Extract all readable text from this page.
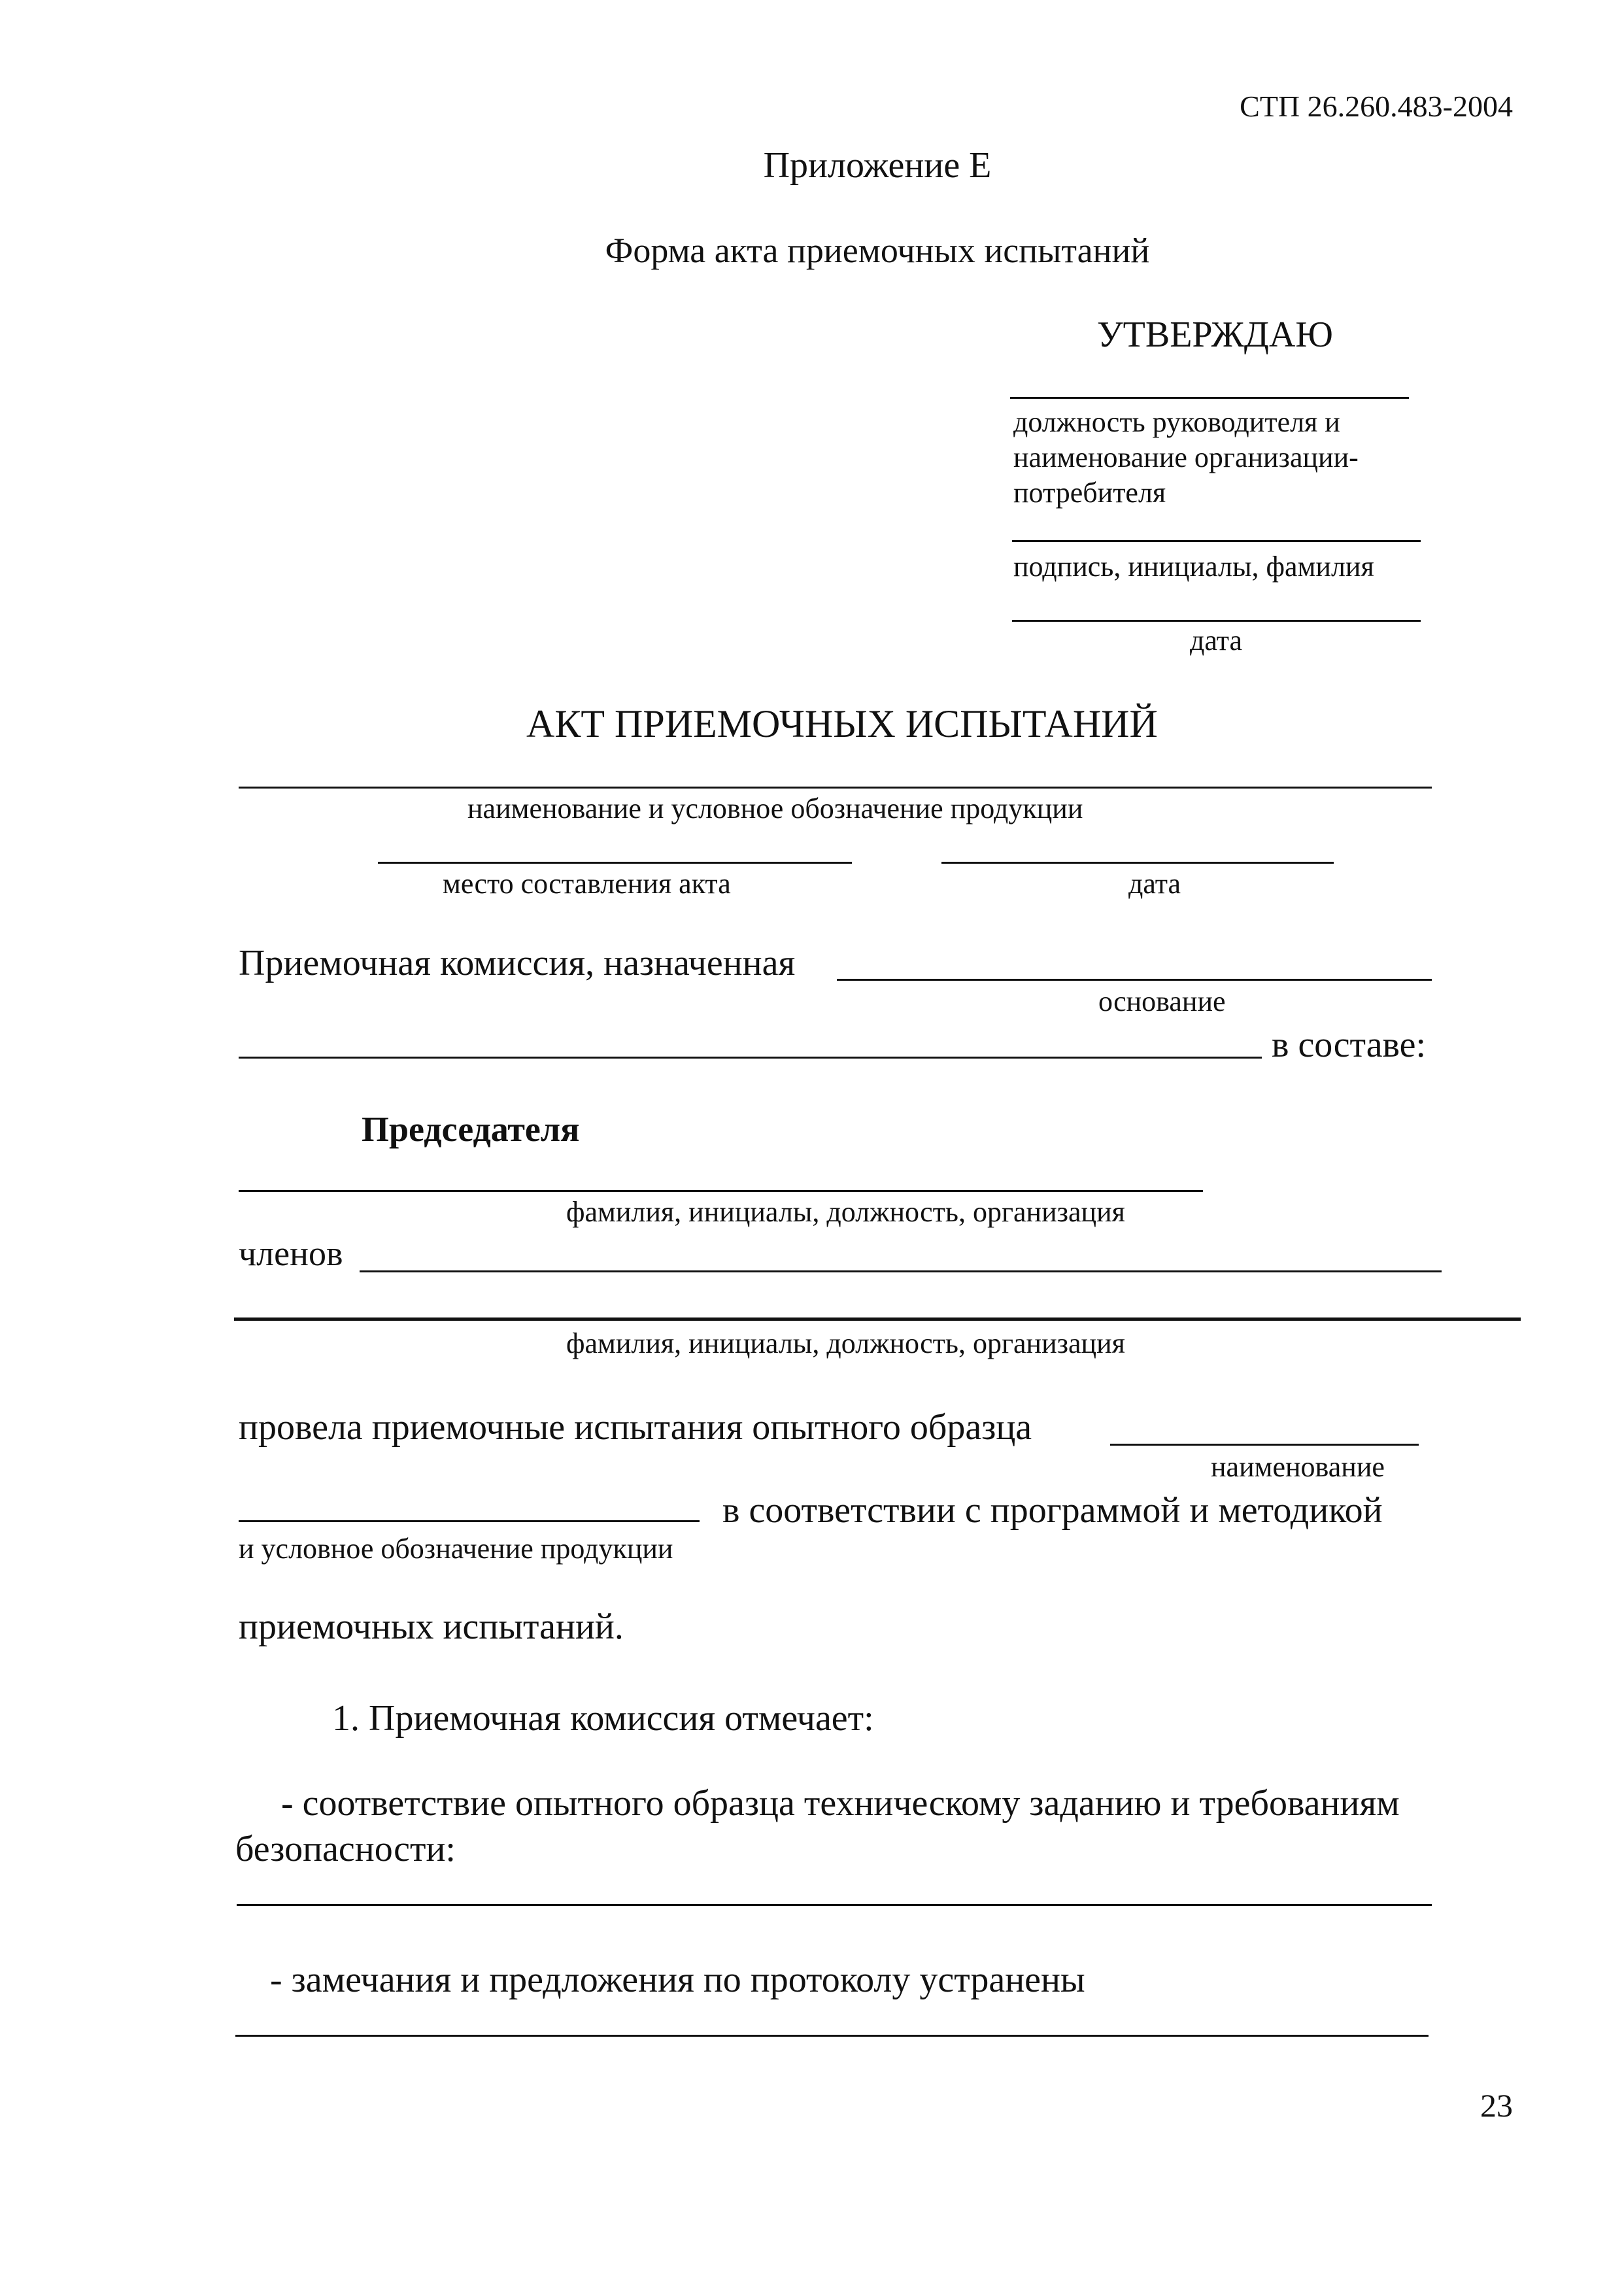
СТП 26.260.483-2004
Приложение Е
Форма акта приемочных испытаний
УТВЕРЖДАЮ
должность руководителя и
наименование организации-
потребителя
подпись, инициалы, фамилия
дата
АКТ ПРИЕМОЧНЫХ ИСПЫТАНИЙ
наименование и условное обозначение продукции
место составления акта	дата
Приемочная комиссия, назначенная
основание
в составе:
Председателя
фамилия, инициалы, должность, организация
членов
фамилия, инициалы, должность, организация
провела приемочные испытания опытного образца
наименование
в соответствии с программой и методикой
и условное обозначение продукции
приемочных испытаний.
1. Приемочная комиссия отмечает:
- соответствие опытного образца техническому заданию и требованиям
безопасности:
- замечания и предложения по протоколу устранены
23
